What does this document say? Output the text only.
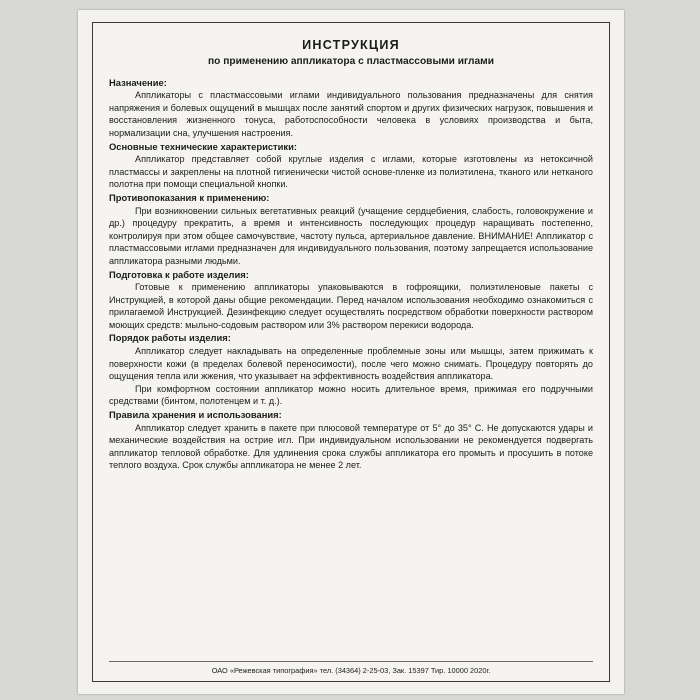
ИНСТРУКЦИЯ
по применению аппликатора с пластмассовыми иглами
Назначение:

Аппликаторы с пластмассовыми иглами индивидуального пользования предназначены для снятия напряжения и болевых ощущений в мышцах после занятий спортом и других физических нагрузок, повышения и восстановления жизненного тонуса, работоспособности человека в условиях производства и быта, нормализации сна, улучшения настроения.

Основные технические характеристики:

Аппликатор представляет собой круглые изделия с иглами, которые изготовлены из нетоксичной пластмассы и закреплены на плотной гигиенически чистой основе-пленке из полиэтилена, тканого или нетканого полотна при помощи специальной кнопки.

Противопоказания к применению:

При возникновении сильных вегетативных реакций (учащение сердцебиения, слабость, головокружение и др.) процедуру прекратить, а время и интенсивность последующих процедур наращивать постепенно, контролируя при этом общее самочувствие, частоту пульса, артериальное давление. ВНИМАНИЕ! Аппликатор с пластмассовыми иглами предназначен для индивидуального пользования, поэтому запрещается использование аппликатора разными людьми.

Подготовка к работе изделия:

Готовые к применению аппликаторы упаковываются в гофроящики, полиэтиленовые пакеты с Инструкцией, в которой даны общие рекомендации. Перед началом использования необходимо ознакомиться с прилагаемой Инструкцией. Дезинфекцию следует осуществлять посредством обработки поверхности раствором моющих средств: мыльно-содовым раствором или 3% раствором перекиси водорода.

Порядок работы изделия:

Аппликатор следует накладывать на определенные проблемные зоны или мышцы, затем прижимать к поверхности кожи (в пределах болевой переносимости), после чего можно снимать. Процедуру повторять до ощущения тепла или жжения, что указывает на эффективность воздействия аппликатора.

При комфортном состоянии аппликатор можно носить длительное время, прижимая его подручными средствами (бинтом, полотенцем и т. д.).

Правила хранения и использования:

Аппликатор следует хранить в пакете при плюсовой температуре от 5° до 35° С. Не допускаются удары и механические воздействия на острие игл. При индивидуальном использовании не рекомендуется подвергать аппликатор тепловой обработке. Для удлинения срока службы аппликатора его промыть и просушить в потоке теплого воздуха. Срок службы аппликатора не менее 2 лет.

ОАО «Режевская типография» тел. (34364) 2-25-03, Зак. 15397 Тир. 10000 2020г.
